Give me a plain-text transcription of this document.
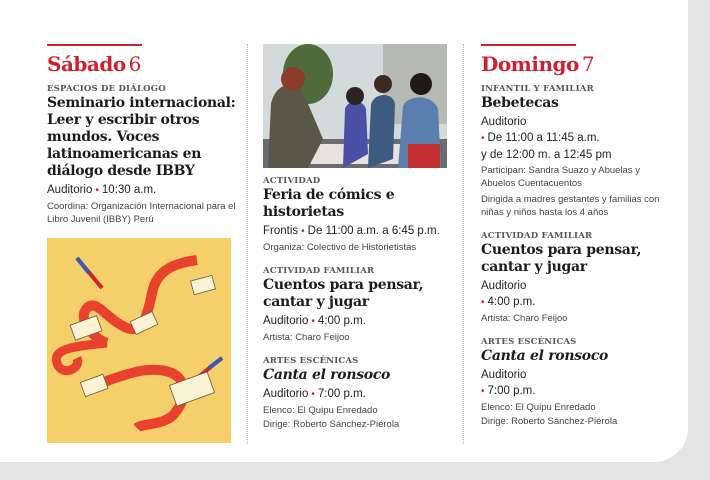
Sábado 6
ESPACIOS DE DIÁLOGO
Seminario internacional: Leer y escribir otros mundos. Voces latinoamericanas en diálogo desde IBBY
Auditorio • 10:30 a.m.
Coordina: Organización Internacional para el Libro Juvenil (IBBY) Perú
ACTIVIDAD
Feria de cómics e historietas
Frontis • De 11:00 a.m. a 6:45 p.m.
Organiza: Colectivo de Historietistas
ACTIVIDAD FAMILIAR
Cuentos para pensar, cantar y jugar
Auditorio • 4:00 p.m.
Artista: Charo Feijoo
ARTES ESCÉNICAS
Canta el ronsoco
Auditorio • 7:00 p.m.
Elenco: El Quipu Enredado
Dirige: Roberto Sánchez-Piérola
Domingo 7
INFANTIL Y FAMILIAR
Bebetecas
Auditorio
• De 11:00 a 11:45 a.m.
y de 12:00 m. a 12:45 pm
Participan: Sandra Suazo y Abuelas y Abuelos Cuentacuentos
Dirigida a madres gestantes y familias con niñas y niños hasta los 4 años
ACTIVIDAD FAMILIAR
Cuentos para pensar, cantar y jugar
Auditorio
• 4:00 p.m.
Artista: Charo Feijoo
ARTES ESCÉNICAS
Canta el ronsoco
Auditorio
• 7:00 p.m.
Elenco: El Quipu Enredado
Dirige: Roberto Sánchez-Piérola
